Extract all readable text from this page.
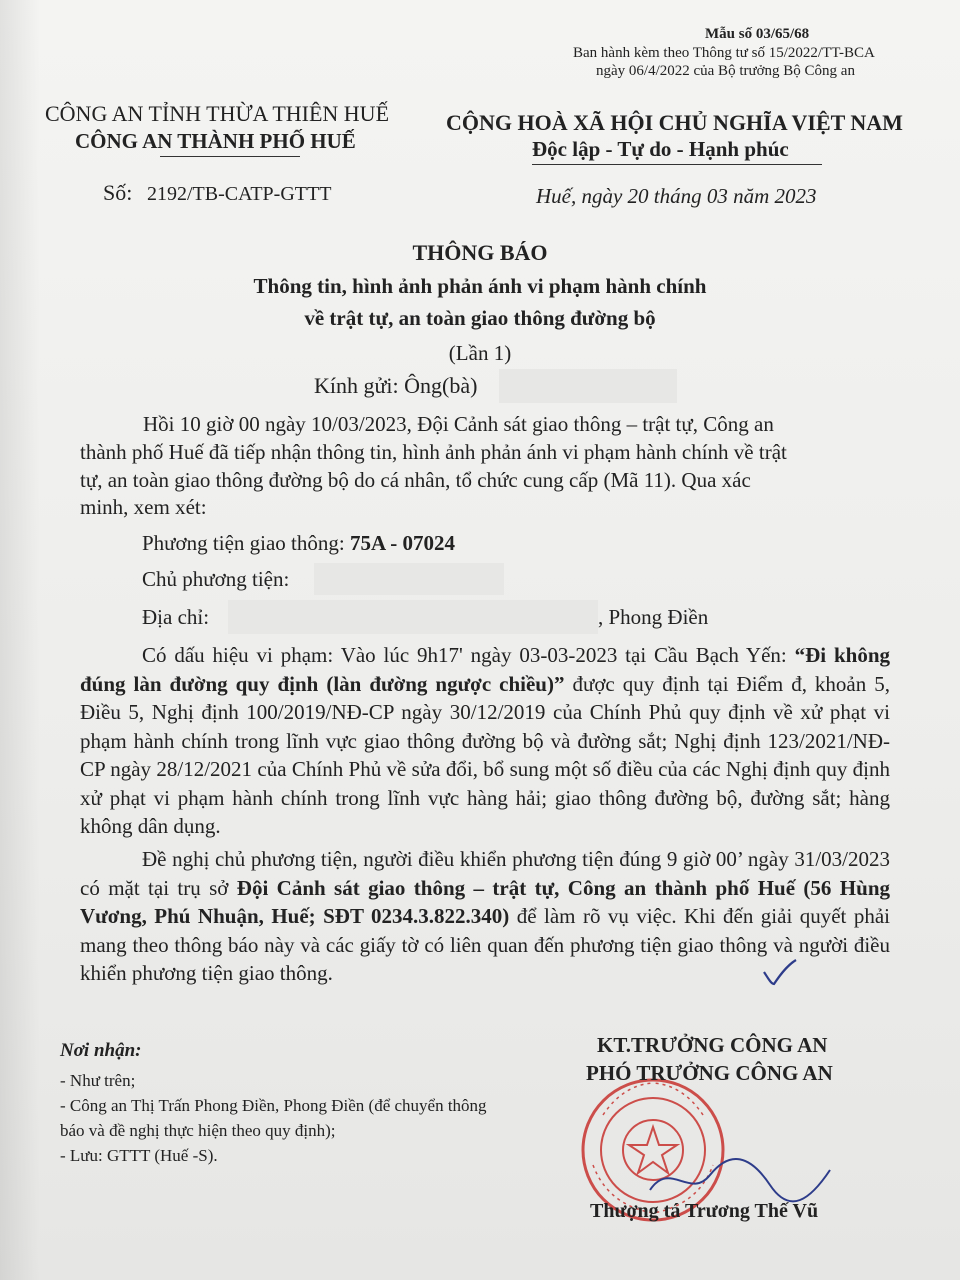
Mẫu số 03/65/68
Ban hành kèm theo Thông tư số 15/2022/TT-BCA
ngày 06/4/2022 của Bộ trưởng Bộ Công an
CÔNG AN TỈNH THỪA THIÊN HUẾ
CÔNG AN THÀNH PHỐ HUẾ
CỘNG HOÀ XÃ HỘI CHỦ NGHĨA VIỆT NAM
Độc lập - Tự do - Hạnh phúc
Số: 2192/TB-CATP-GTTT	Huế, ngày 20 tháng 03 năm 2023
THÔNG BÁO
Thông tin, hình ảnh phản ánh vi phạm hành chính
về trật tự, an toàn giao thông đường bộ
(Lần 1)
Kính gửi: Ông(bà)
Hồi 10 giờ 00 ngày 10/03/2023, Đội Cảnh sát giao thông – trật tự, Công an
thành phố Huế đã tiếp nhận thông tin, hình ảnh phản ánh vi phạm hành chính về trật
tự, an toàn giao thông đường bộ do cá nhân, tổ chức cung cấp (Mã 11). Qua xác
minh, xem xét:
Phương tiện giao thông: 75A - 07024
Chủ phương tiện:
Địa chỉ:	, Phong Điền
Có dấu hiệu vi phạm: Vào lúc 9h17' ngày 03-03-2023 tại Cầu Bạch Yến: “Đi không đúng làn đường quy định (làn đường ngược chiều)” được quy định tại Điểm đ, khoản 5, Điều 5, Nghị định 100/2019/NĐ-CP ngày 30/12/2019 của Chính Phủ quy định về xử phạt vi phạm hành chính trong lĩnh vực giao thông đường bộ và đường sắt; Nghị định 123/2021/NĐ-CP ngày 28/12/2021 của Chính Phủ về sửa đổi, bổ sung một số điều của các Nghị định quy định xử phạt vi phạm hành chính trong lĩnh vực hàng hải; giao thông đường bộ, đường sắt; hàng không dân dụng.
Đề nghị chủ phương tiện, người điều khiển phương tiện đúng 9 giờ 00’ ngày 31/03/2023 có mặt tại trụ sở Đội Cảnh sát giao thông – trật tự, Công an thành phố Huế (56 Hùng Vương, Phú Nhuận, Huế; SĐT 0234.3.822.340) để làm rõ vụ việc. Khi đến giải quyết phải mang theo thông báo này và các giấy tờ có liên quan đến phương tiện giao thông và người điều khiển phương tiện giao thông.
Nơi nhận:
- Như trên;
- Công an Thị Trấn Phong Điền, Phong Điền (để chuyển thông báo và đề nghị thực hiện theo quy định);
- Lưu: GTTT (Huế -S).
KT.TRƯỞNG CÔNG AN
PHÓ TRƯỞNG CÔNG AN
Thượng tá Trương Thế Vũ
